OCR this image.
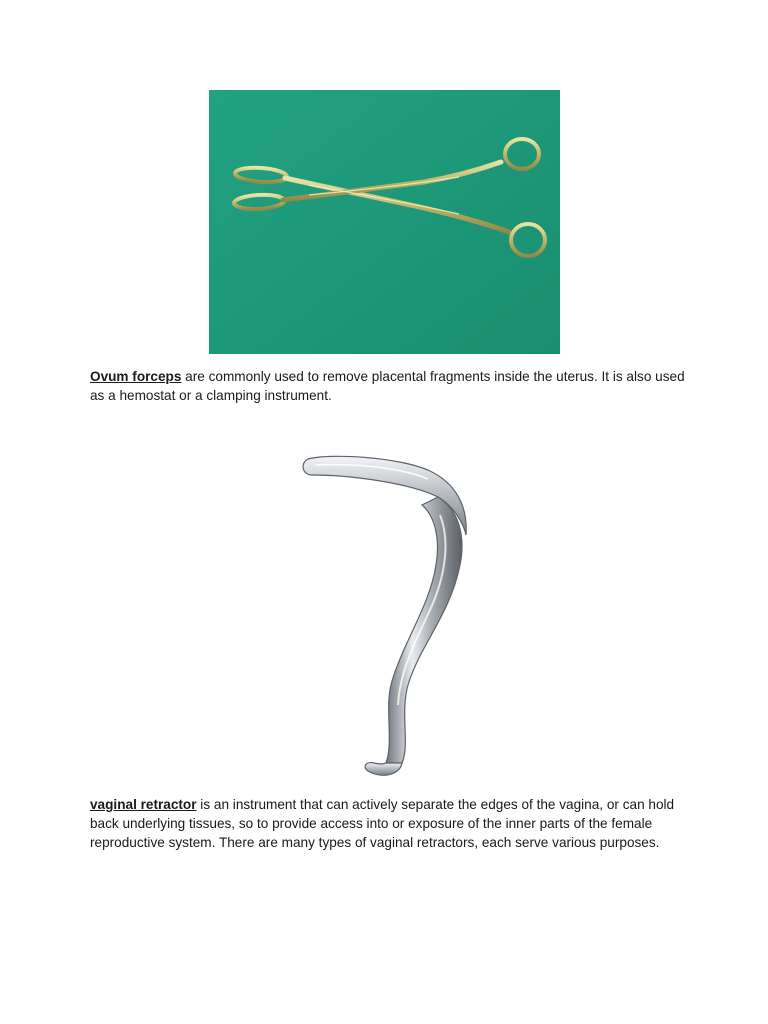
Ovum forceps are commonly used to remove placental fragments inside the uterus. It is also used as a hemostat or a clamping instrument.

vaginal retractor is an instrument that can actively separate the edges of the vagina, or can hold back underlying tissues, so to provide access into or exposure of the inner parts of the female reproductive system. There are many types of vaginal retractors, each serve various purposes.
